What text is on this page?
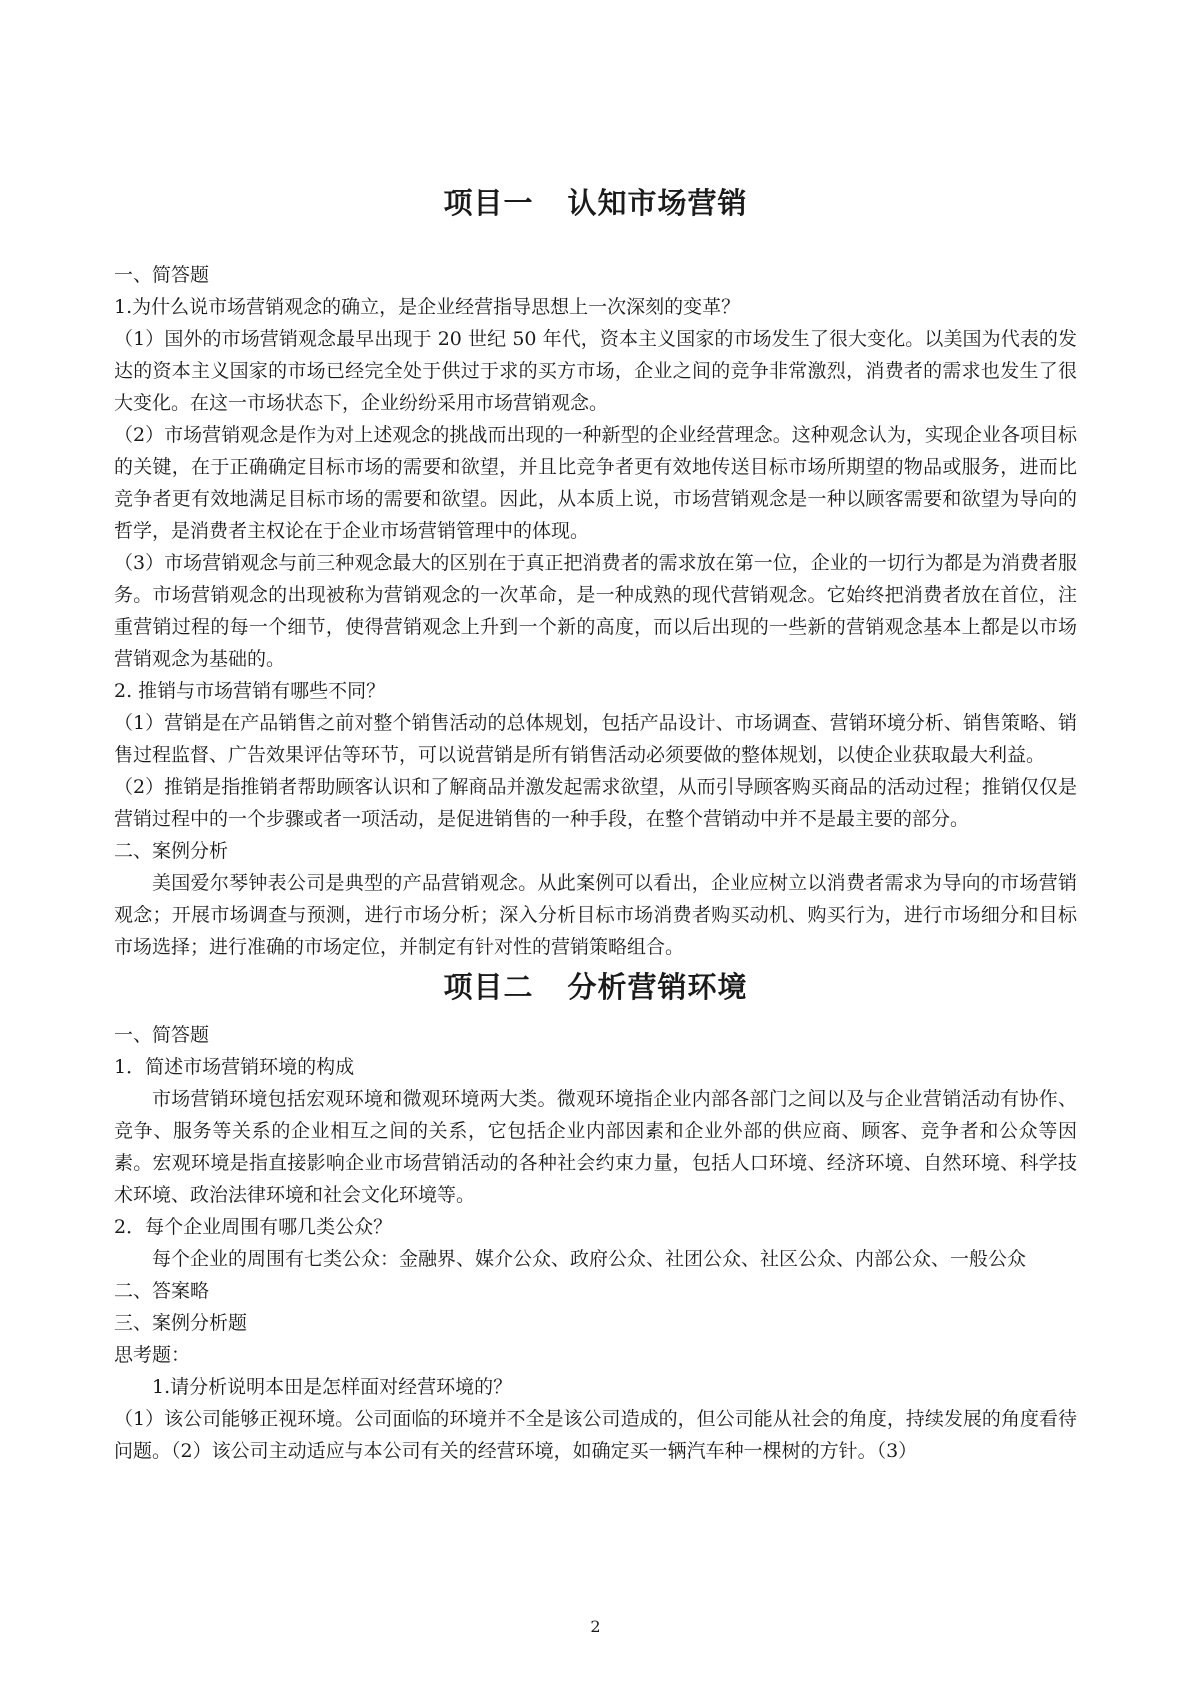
项目一 认知市场营销

一、简答题

1.为什么说市场营销观念的确立，是企业经营指导思想上一次深刻的变革？

（1）国外的市场营销观念最早出现于 20 世纪 50 年代，资本主义国家的市场发生了很大变化。以美国为代表的发达的资本主义国家的市场已经完全处于供过于求的买方市场，企业之间的竞争非常激烈，消费者的需求也发生了很大变化。在这一市场状态下，企业纷纷采用市场营销观念。

（2）市场营销观念是作为对上述观念的挑战而出现的一种新型的企业经营理念。这种观念认为，实现企业各项目标的关键，在于正确确定目标市场的需要和欲望，并且比竞争者更有效地传送目标市场所期望的物品或服务，进而比竞争者更有效地满足目标市场的需要和欲望。因此，从本质上说，市场营销观念是一种以顾客需要和欲望为导向的哲学，是消费者主权论在于企业市场营销管理中的体现。

（3）市场营销观念与前三种观念最大的区别在于真正把消费者的需求放在第一位，企业的一切行为都是为消费者服务。市场营销观念的出现被称为营销观念的一次革命，是一种成熟的现代营销观念。它始终把消费者放在首位，注重营销过程的每一个细节，使得营销观念上升到一个新的高度，而以后出现的一些新的营销观念基本上都是以市场营销观念为基础的。

2. 推销与市场营销有哪些不同？

（1）营销是在产品销售之前对整个销售活动的总体规划，包括产品设计、市场调查、营销环境分析、销售策略、销售过程监督、广告效果评估等环节，可以说营销是所有销售活动必须要做的整体规划，以使企业获取最大利益。

（2）推销是指推销者帮助顾客认识和了解商品并激发起需求欲望，从而引导顾客购买商品的活动过程；推销仅仅是营销过程中的一个步骤或者一项活动，是促进销售的一种手段，在整个营销动中并不是最主要的部分。

二、案例分析

美国爱尔琴钟表公司是典型的产品营销观念。从此案例可以看出，企业应树立以消费者需求为导向的市场营销观念；开展市场调查与预测，进行市场分析；深入分析目标市场消费者购买动机、购买行为，进行市场细分和目标市场选择；进行准确的市场定位，并制定有针对性的营销策略组合。

项目二 分析营销环境

一、简答题

1．简述市场营销环境的构成

市场营销环境包括宏观环境和微观环境两大类。微观环境指企业内部各部门之间以及与企业营销活动有协作、竞争、服务等关系的企业相互之间的关系，它包括企业内部因素和企业外部的供应商、顾客、竞争者和公众等因素。宏观环境是指直接影响企业市场营销活动的各种社会约束力量，包括人口环境、经济环境、自然环境、科学技术环境、政治法律环境和社会文化环境等。

2．每个企业周围有哪几类公众？

每个企业的周围有七类公众：金融界、媒介公众、政府公众、社团公众、社区公众、内部公众、一般公众

二、答案略

三、案例分析题

思考题：

1.请分析说明本田是怎样面对经营环境的？

（1）该公司能够正视环境。公司面临的环境并不全是该公司造成的，但公司能从社会的角度，持续发展的角度看待问题。（2）该公司主动适应与本公司有关的经营环境，如确定买一辆汽车种一棵树的方针。（3）

2
